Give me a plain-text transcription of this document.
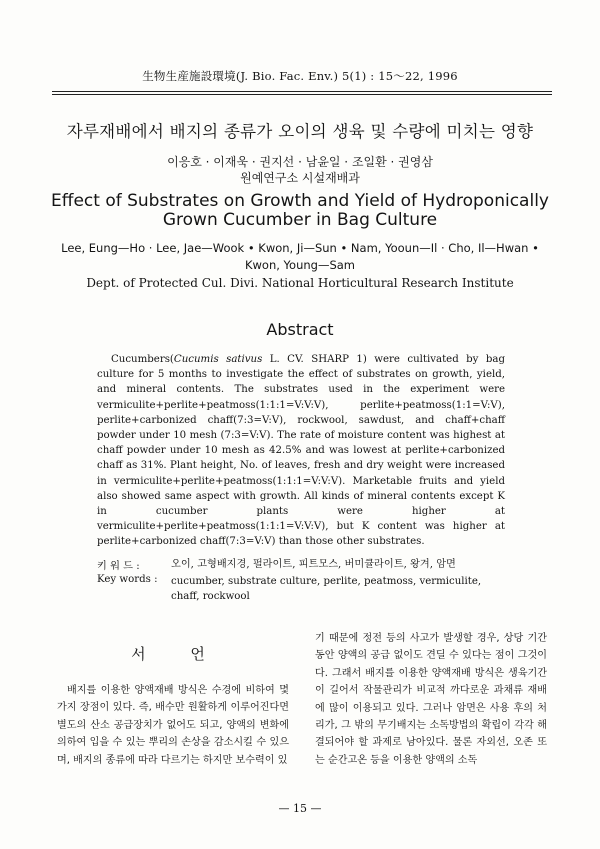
生物生産施設環境(J. Bio. Fac. Env.) 5(1) : 15～22, 1996
자루재배에서 배지의 종류가 오이의 생육 및 수량에 미치는 영향
이응호 · 이재욱 · 권지선 · 남윤일 · 조일환 · 권영삼
원예연구소 시설재배과
Effect of Substrates on Growth and Yield of Hydroponically
Grown Cucumber in Bag Culture
Lee, Eung—Ho · Lee, Jae—Wook • Kwon, Ji—Sun • Nam, Yooun—Il · Cho, Il—Hwan • Kwon, Young—Sam
Dept. of Protected Cul. Divi. National Horticultural Research Institute
Abstract
Cucumbers(Cucumis sativus L. CV. SHARP 1) were cultivated by bag culture for 5 months to investigate the effect of substrates on growth, yield, and mineral contents. The substrates used in the experiment were vermiculite+perlite+peatmoss(1:1:1=V:V:V), perlite+peatmoss(1:1=V:V), perlite+carbonized chaff(7:3=V:V), rockwool, sawdust, and chaff+chaff powder under 10 mesh (7:3=V:V). The rate of moisture content was highest at chaff powder under 10 mesh as 42.5% and was lowest at perlite+carbonized chaff as 31%. Plant height, No. of leaves, fresh and dry weight were increased in vermiculite+perlite+peatmoss(1:1:1=V:V:V). Marketable fruits and yield also showed same aspect with growth. All kinds of mineral contents except K in cucumber plants were higher at vermiculite+perlite+peatmoss(1:1:1=V:V:V), but K content was higher at perlite+carbonized chaff(7:3=V:V) than those other substrates.
키 워 드 :	오이, 고형배지경, 펄라이트, 피트모스, 버미큘라이트, 왕겨, 암면
Key words :	cucumber, substrate culture, perlite, peatmoss, vermiculite, chaff, rockwool
서 언
배지를 이용한 양액재배 방식은 수경에 비하여 몇가지 장점이 있다. 즉, 배수만 원활하게 이루어진다면 별도의 산소 공급장치가 없어도 되고, 양액의 변화에 의하여 입을 수 있는 뿌리의 손상을 감소시킬 수 있으며, 배지의 종류에 따라 다르기는 하지만 보수력이 있
기 때문에 정전 등의 사고가 발생할 경우, 상당 기간동안 양액의 공급 없이도 견딜 수 있다는 점이 그것이다. 그래서 배지를 이용한 양액재배 방식은 생육기간이 길어서 작물관리가 비교적 까다로운 과채류 재배에 많이 이용되고 있다. 그러나 암면은 사용 후의 처리가, 그 밖의 무기배지는 소독방법의 확립이 각각 해결되어야 할 과제로 남아있다. 물론 자외선, 오존 또는 순간고온 등을 이용한 양액의 소독
— 15 —
